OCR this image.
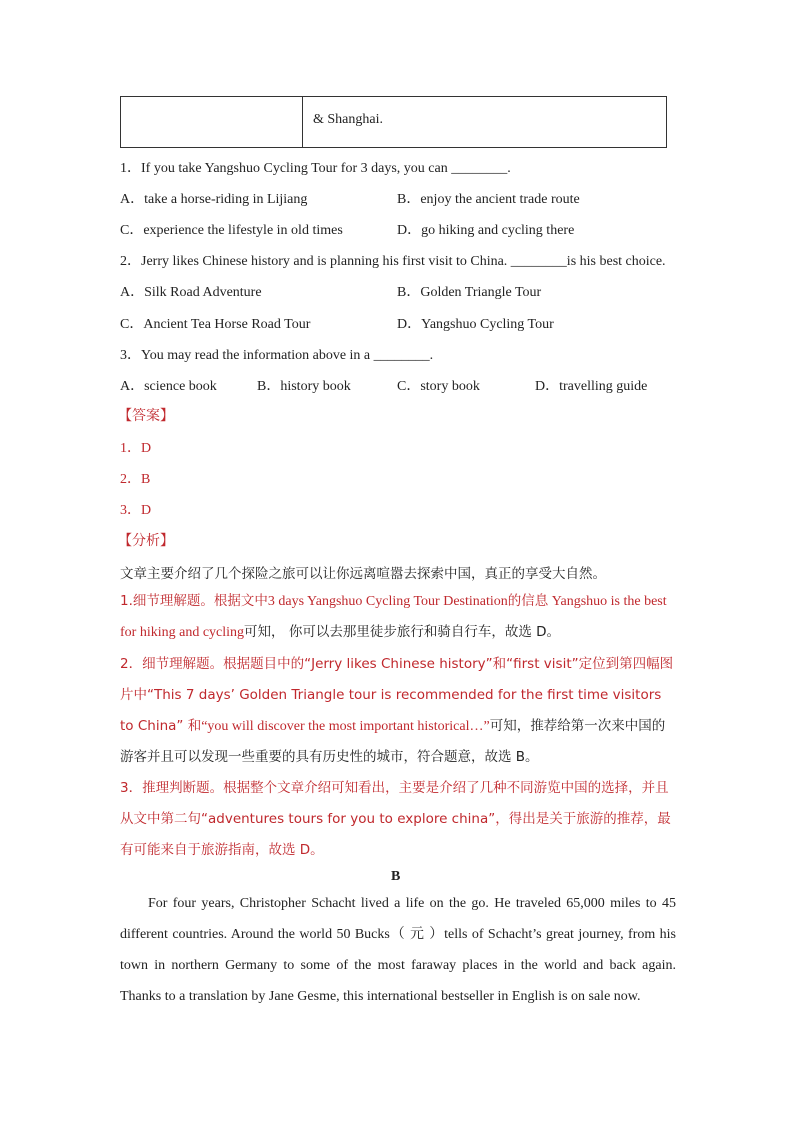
& Shanghai.
1．If you take Yangshuo Cycling Tour for 3 days, you can ________.
A．take a horse-riding in Lijiang	B．enjoy the ancient trade route
C．experience the lifestyle in old times	D．go hiking and cycling there
2．Jerry likes Chinese history and is planning his first visit to China. ________is his best choice.
A．Silk Road Adventure	B．Golden Triangle Tour
C．Ancient Tea Horse Road Tour	D．Yangshuo Cycling Tour
3．You may read the information above in a ________.
A．science book	B．history book	C．story book	D．travelling guide
【答案】
1．D
2．B
3．D
【分析】
文章主要介绍了几个探险之旅可以让你远离喧嚣去探索中国，真正的享受大自然。
1.细节理解题。根据文中3 days Yangshuo Cycling Tour Destination的信息 Yangshuo is the best for hiking and cycling可知， 你可以去那里徒步旅行和骑自行车，故选 D。
2．细节理解题。根据题目中的“Jerry likes Chinese history”和“first visit”定位到第四幅图片中“This 7 days’ Golden Triangle tour is recommended for the first time visitors to China” 和“you will discover the most important historical…”可知，推荐给第一次来中国的游客并且可以发现一些重要的具有历史性的城市，符合题意，故选 B。
3．推理判断题。根据整个文章介绍可知看出，主要是介绍了几种不同游览中国的选择，并且从文中第二句“adventures tours for you to explore china”，得出是关于旅游的推荐，最有可能来自于旅游指南，故选 D。
B
For four years, Christopher Schacht lived a life on the go. He traveled 65,000 miles to 45 different countries. Around the world 50 Bucks（ 元 ）tells of Schacht’s great journey, from his town in northern Germany to some of the most faraway places in the world and back again. Thanks to a translation by Jane Gesme, this international bestseller in English is on sale now.
